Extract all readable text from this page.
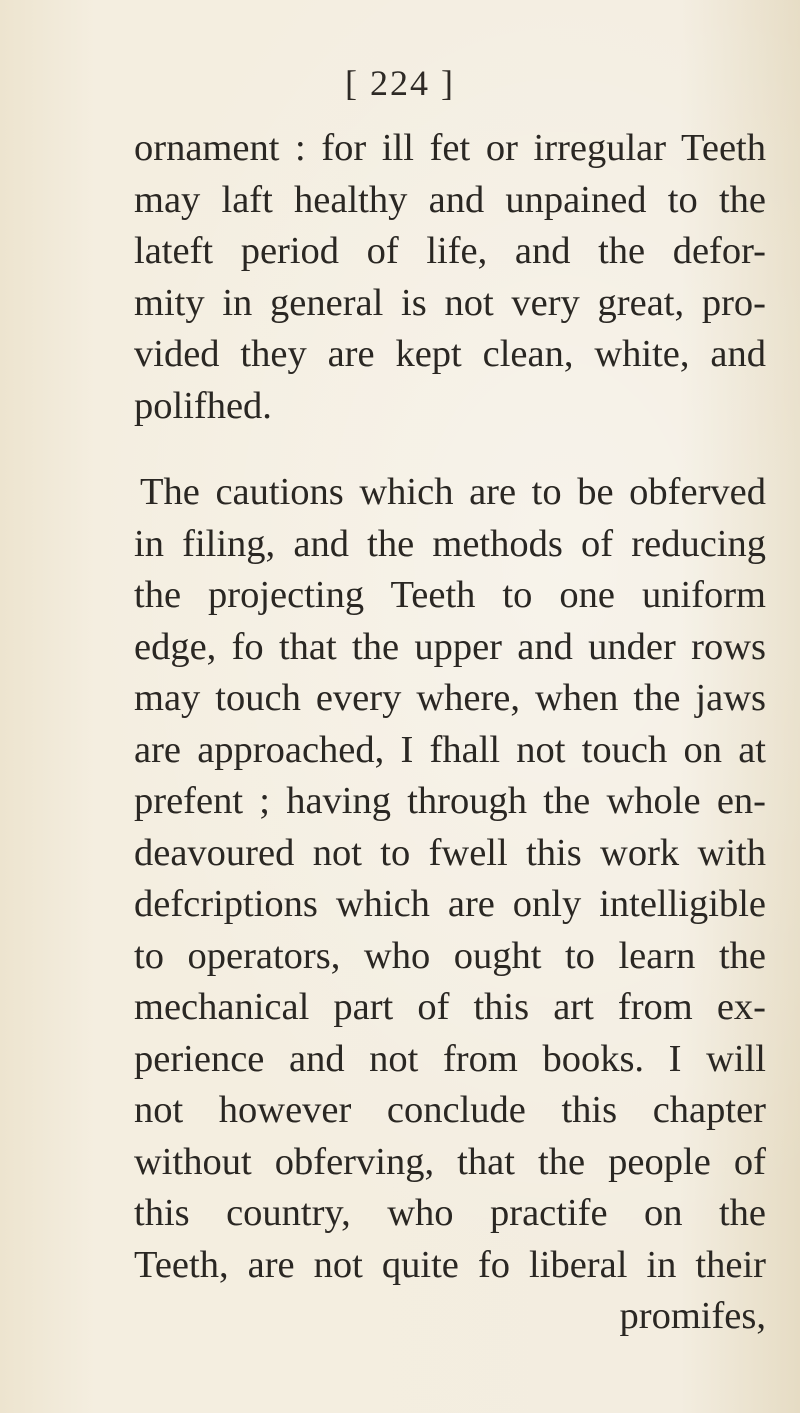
[ 224 ]
ornament : for ill fet or irregular Teeth
may laft healthy and unpained to the
lateft period of life, and the defor-
mity in general is not very great, pro-
vided they are kept clean, white, and
polifhed.
The cautions which are to be obferved
in filing, and the methods of reducing
the projecting Teeth to one uniform
edge, fo that the upper and under rows
may touch every where, when the jaws
are approached, I fhall not touch on at
prefent ; having through the whole en-
deavoured not to fwell this work with
defcriptions which are only intelligible
to operators, who ought to learn the
mechanical part of this art from ex-
perience and not from books. I will
not however conclude this chapter
without obferving, that the people of
this country, who practife on the
Teeth, are not quite fo liberal in their
promifes,
